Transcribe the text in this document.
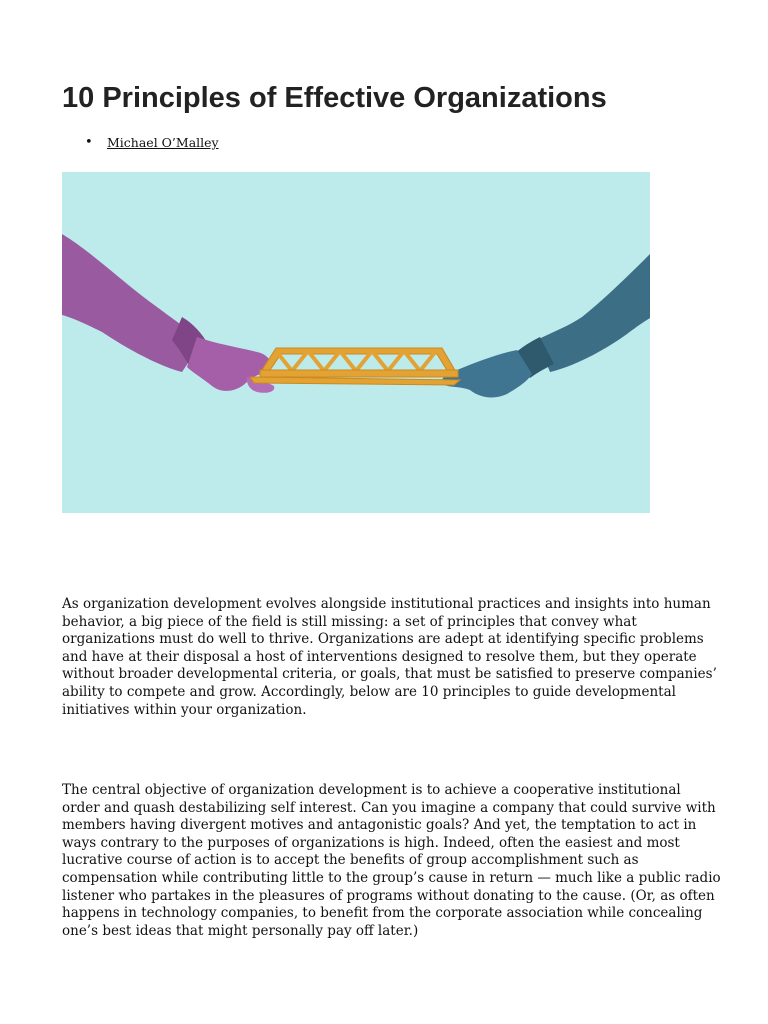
10 Principles of Effective Organizations
• Michael O’Malley

As organization development evolves alongside institutional practices and insights into human behavior, a big piece of the field is still missing: a set of principles that convey what organizations must do well to thrive. Organizations are adept at identifying specific problems and have at their disposal a host of interventions designed to resolve them, but they operate without broader developmental criteria, or goals, that must be satisfied to preserve companies’ ability to compete and grow. Accordingly, below are 10 principles to guide developmental initiatives within your organization.

The central objective of organization development is to achieve a cooperative institutional order and quash destabilizing self interest. Can you imagine a company that could survive with members having divergent motives and antagonistic goals? And yet, the temptation to act in ways contrary to the purposes of organizations is high. Indeed, often the easiest and most lucrative course of action is to accept the benefits of group accomplishment such as compensation while contributing little to the group’s cause in return — much like a public radio listener who partakes in the pleasures of programs without donating to the cause. (Or, as often happens in technology companies, to benefit from the corporate association while concealing one’s best ideas that might personally pay off later.)
